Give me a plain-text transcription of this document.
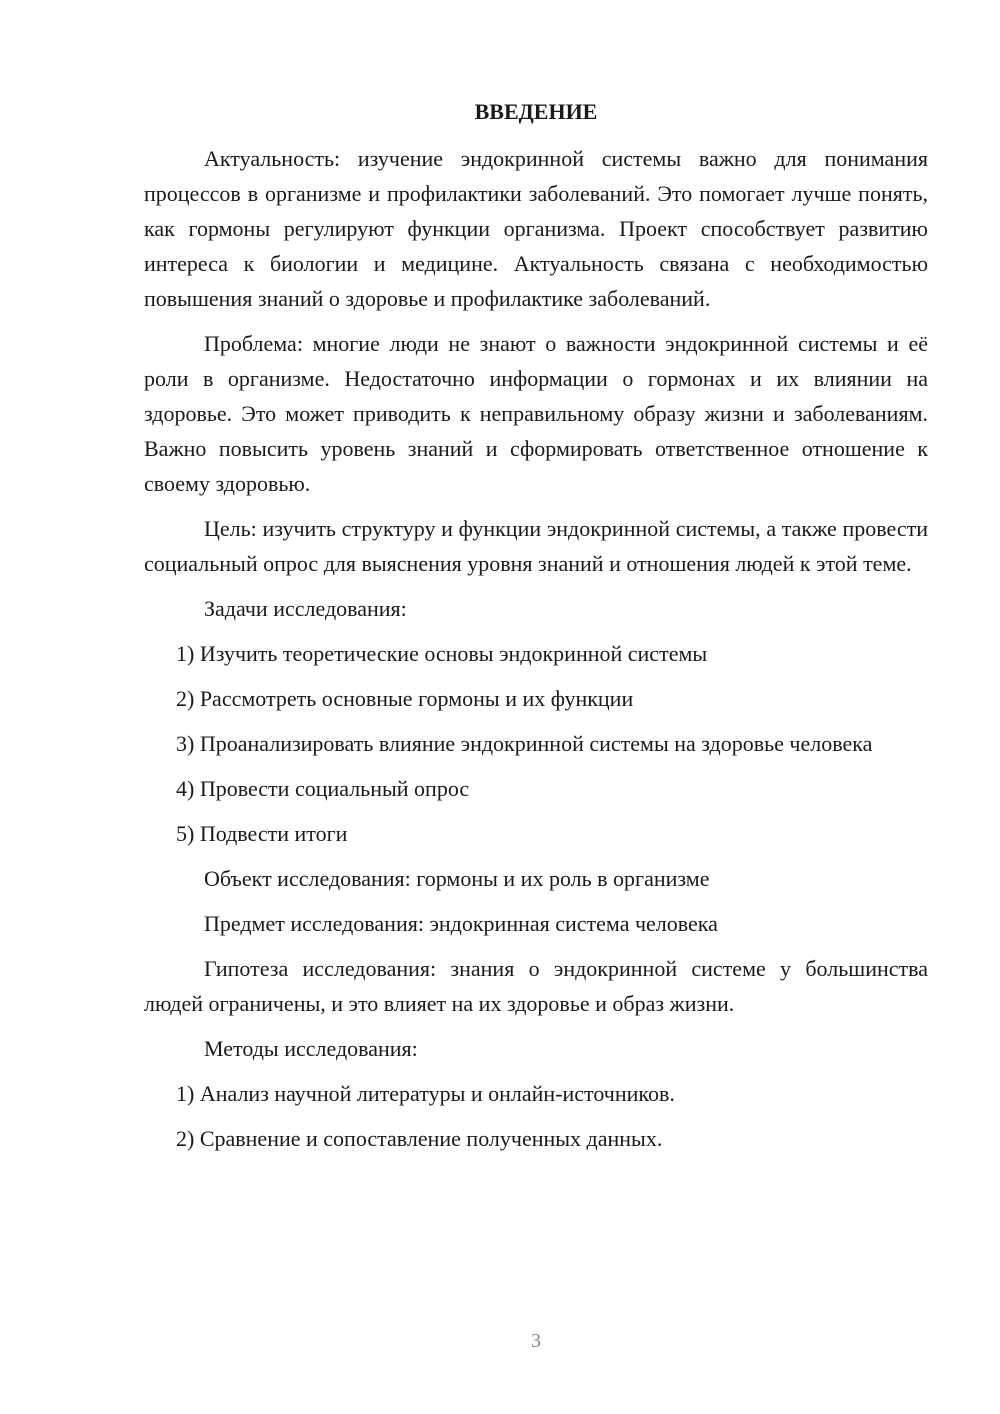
ВВЕДЕНИЕ

Актуальность: изучение эндокринной системы важно для понимания процессов в организме и профилактики заболеваний. Это помогает лучше понять, как гормоны регулируют функции организма. Проект способствует развитию интереса к биологии и медицине. Актуальность связана с необходимостью повышения знаний о здоровье и профилактике заболеваний.

Проблема: многие люди не знают о важности эндокринной системы и её роли в организме. Недостаточно информации о гормонах и их влиянии на здоровье. Это может приводить к неправильному образу жизни и заболеваниям. Важно повысить уровень знаний и сформировать ответственное отношение к своему здоровью.

Цель: изучить структуру и функции эндокринной системы, а также провести социальный опрос для выяснения уровня знаний и отношения людей к этой теме.

Задачи исследования:

1) Изучить теоретические основы эндокринной системы

2) Рассмотреть основные гормоны и их функции

3) Проанализировать влияние эндокринной системы на здоровье человека

4) Провести социальный опрос

5) Подвести итоги

Объект исследования: гормоны и их роль в организме

Предмет исследования: эндокринная система человека

Гипотеза исследования: знания о эндокринной системе у большинства людей ограничены, и это влияет на их здоровье и образ жизни.

Методы исследования:

1) Анализ научной литературы и онлайн-источников.

2) Сравнение и сопоставление полученных данных.

3
